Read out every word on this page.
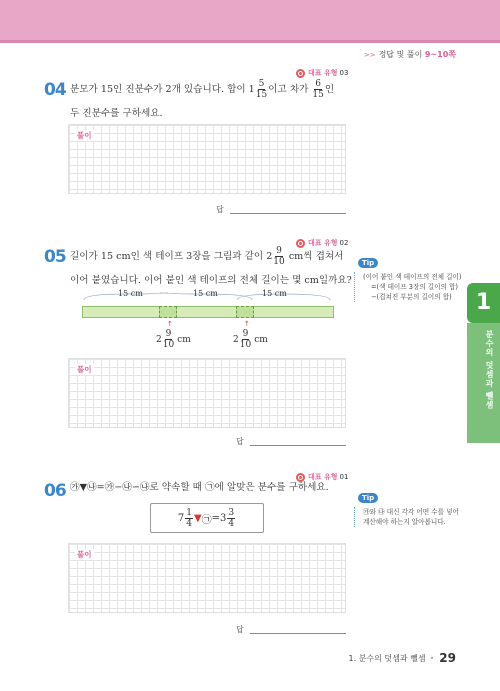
>> 정답 및 풀이 9~10쪽
대표 유형 03
04 분모가 15인 진분수가 2개 있습니다. 합이 $1 \frac{5}{15}$ 이고 차가 $\frac{6}{15}$ 인
두 진분수를 구하세요.
풀이
답
대표 유형 02
05 길이가 15 cm인 색 테이프 3장을 그림과 같이 $2 \frac{9}{10}$ cm씩 겹쳐서
이어 붙였습니다. 이어 붙인 색 테이프의 전체 길이는 몇 cm일까요?
15 cm	15 cm	15 cm
↑	↑
$2 \frac{9}{10}$ cm	$2 \frac{9}{10}$ cm
풀이
답
Tip
(이어 붙인 색 테이프의 전체 길이)

=(색 테이프 3장의 길이의 합)
−(겹쳐진 부분의 길이의 합)
대표 유형 01
06 ㉮▼㉯=㉮−㉯−㉯로 약속할 때 ㉠에 알맞은 분수를 구하세요.
$7 \frac{1}{4}$ ▼ ㉠ = $3 \frac{3}{4}$
풀이
답
Tip
㉮와 ㉯ 대신 각각 어떤 수를 넣어 계산해야 하는지 알아봅니다.
1
분수의 덧셈과 뺄셈
1. 분수의 덧셈과 뺄셈 • 29
